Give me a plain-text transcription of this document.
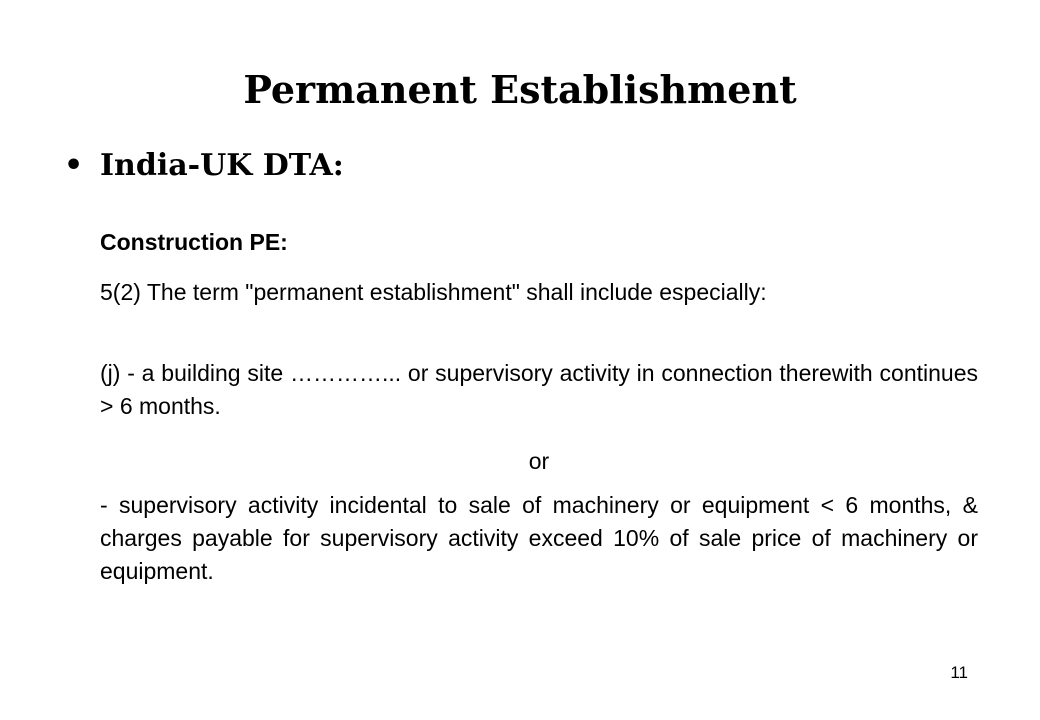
Permanent Establishment
• India-UK DTA:
Construction PE:
5(2) The term "permanent establishment" shall include especially:
(j) - a building site …………... or supervisory activity in connection therewith continues > 6 months.
or
- supervisory activity incidental to sale of machinery or equipment < 6 months, & charges payable for supervisory activity exceed 10% of sale price of machinery or equipment.
11
